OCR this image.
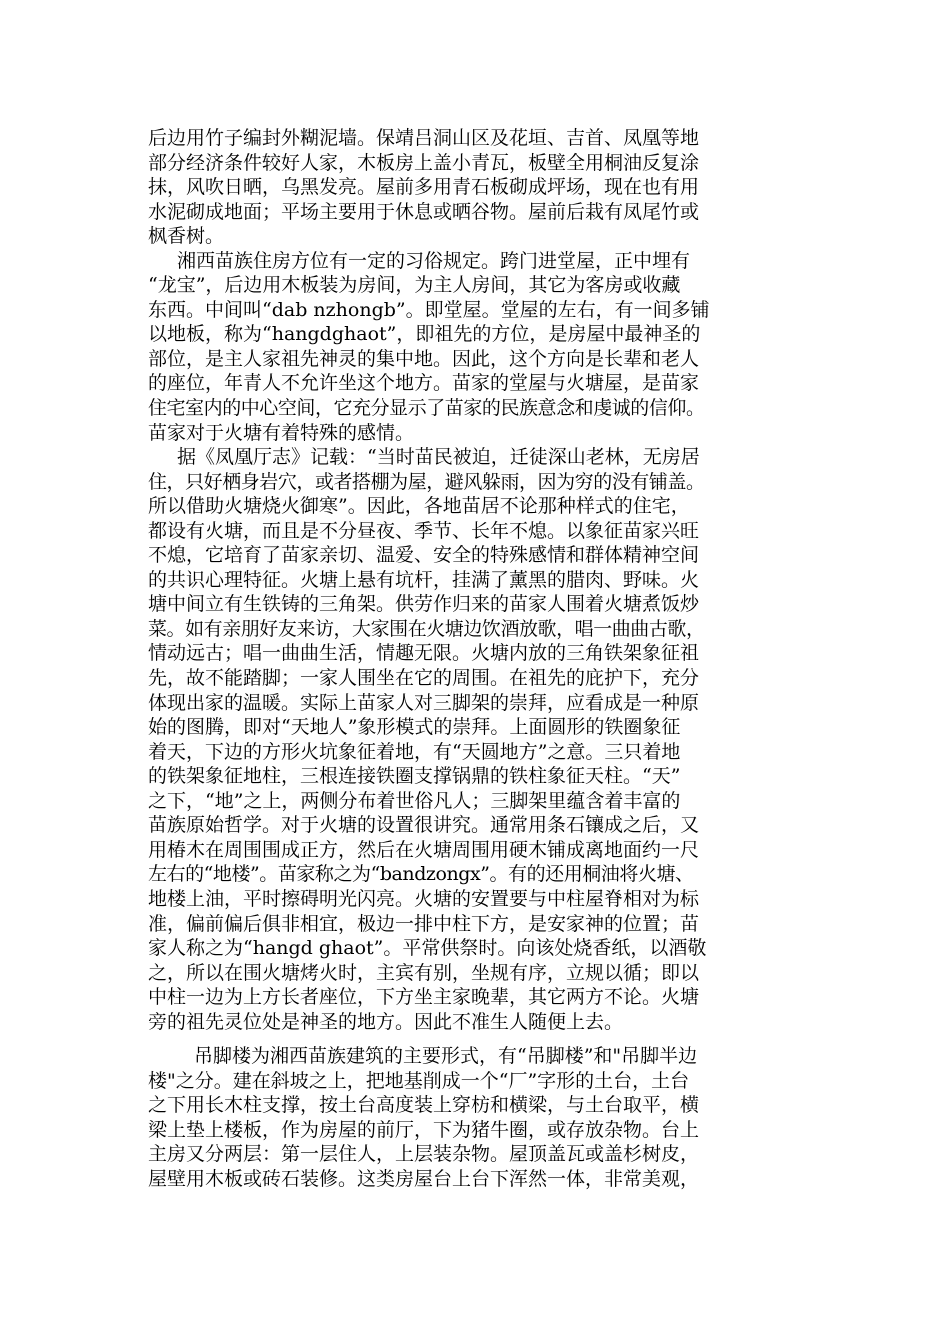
后边用竹子编封外糊泥墙。保靖吕洞山区及花垣、吉首、凤凰等地
部分经济条件较好人家，木板房上盖小青瓦，板壁全用桐油反复涂
抹，风吹日晒，乌黑发亮。屋前多用青石板砌成坪场，现在也有用
水泥砌成地面；平场主要用于休息或晒谷物。屋前后栽有凤尾竹或
枫香树。
湘西苗族住房方位有一定的习俗规定。跨门进堂屋，正中埋有
“龙宝”，后边用木板装为房间，为主人房间，其它为客房或收藏
东西。中间叫“dab nzhongb”。即堂屋。堂屋的左右，有一间多铺
以地板，称为“hangdghaot”，即祖先的方位，是房屋中最神圣的
部位，是主人家祖先神灵的集中地。因此，这个方向是长辈和老人
的座位，年青人不允许坐这个地方。苗家的堂屋与火塘屋，是苗家
住宅室内的中心空间，它充分显示了苗家的民族意念和虔诚的信仰。
苗家对于火塘有着特殊的感情。
据《凤凰厅志》记载：“当时苗民被迫，迁徒深山老林，无房居
住，只好栖身岩穴，或者搭棚为屋，避风躲雨，因为穷的没有铺盖。
所以借助火塘烧火御寒”。因此，各地苗居不论那种样式的住宅，
都设有火塘，而且是不分昼夜、季节、长年不熄。以象征苗家兴旺
不熄，它培育了苗家亲切、温爱、安全的特殊感情和群体精神空间
的共识心理特征。火塘上悬有坑杆，挂满了薰黑的腊肉、野味。火
塘中间立有生铁铸的三角架。供劳作归来的苗家人围着火塘煮饭炒
菜。如有亲朋好友来访，大家围在火塘边饮酒放歌，唱一曲曲古歌，
情动远古；唱一曲曲生活，情趣无限。火塘内放的三角铁架象征祖
先，故不能踏脚；一家人围坐在它的周围。在祖先的庇护下，充分
体现出家的温暖。实际上苗家人对三脚架的崇拜，应看成是一种原
始的图腾，即对“天地人”象形模式的崇拜。上面圆形的铁圈象征
着天，下边的方形火坑象征着地，有“天圆地方”之意。三只着地
的铁架象征地柱，三根连接铁圈支撑锅鼎的铁柱象征天柱。“天”
之下，“地”之上，两侧分布着世俗凡人；三脚架里蕴含着丰富的
苗族原始哲学。对于火塘的设置很讲究。通常用条石镶成之后，又
用椿木在周围围成正方，然后在火塘周围用硬木铺成离地面约一尺
左右的“地楼”。苗家称之为“bandzongx”。有的还用桐油将火塘、
地楼上油，平时擦碍明光闪亮。火塘的安置要与中柱屋脊相对为标
准，偏前偏后俱非相宜，极边一排中柱下方，是安家神的位置；苗
家人称之为“hangd ghaot”。平常供祭时。向该处烧香纸，以酒敬
之，所以在围火塘烤火时，主宾有别，坐规有序，立规以循；即以
中柱一边为上方长者座位，下方坐主家晚辈，其它两方不论。火塘
旁的祖先灵位处是神圣的地方。因此不准生人随便上去。
吊脚楼为湘西苗族建筑的主要形式，有“吊脚楼”和"吊脚半边
楼"之分。建在斜坡之上，把地基削成一个“厂”字形的土台，土台
之下用长木柱支撑，按土台高度装上穿枋和横梁，与土台取平，横
梁上垫上楼板，作为房屋的前厅，下为猪牛圈，或存放杂物。台上
主房又分两层：第一层住人，上层装杂物。屋顶盖瓦或盖杉树皮，
屋壁用木板或砖石装修。这类房屋台上台下浑然一体，非常美观，
